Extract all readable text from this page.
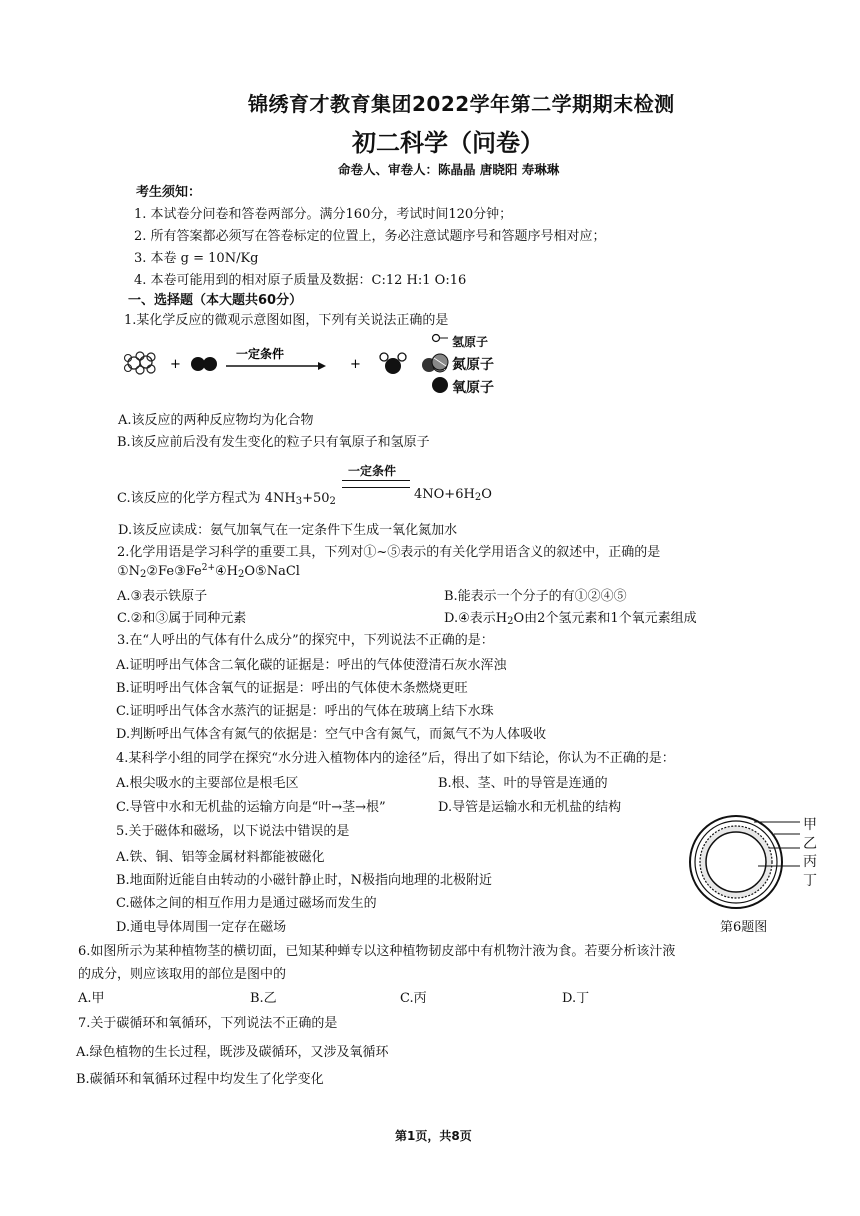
锦绣育才教育集团2022学年第二学期期末检测
初二科学（问卷）
命卷人、审卷人：陈晶晶 唐晓阳 寿琳琳
考生须知：
1. 本试卷分问卷和答卷两部分。满分160分，考试时间120分钟；
2. 所有答案都必须写在答卷标定的位置上，务必注意试题序号和答题序号相对应；
3. 本卷 g = 10N/Kg
4. 本卷可能用到的相对原子质量及数据：C:12 H:1 O:16
一、选择题（本大题共60分）
1.某化学反应的微观示意图如图，下列有关说法正确的是
+
一定条件
+
氢原子
氮原子
氧原子
A.该反应的两种反应物均为化合物
B.该反应前后没有发生变化的粒子只有氧原子和氢原子
一定条件
C.该反应的化学方程式为 $4NH_3+50_2$	$4NO+6H_2O$
D.该反应读成：氨气加氧气在一定条件下生成一氧化氮加水
2.化学用语是学习科学的重要工具，下列对①~⑤表示的有关化学用语含义的叙述中，正确的是
$①N_2②Fe③Fe^{2+}④H_2O⑤NaCl$
A.③表示铁原子	B.能表示一个分子的有①②④⑤
C.②和③属于同种元素	D.④表示$H_2O$由2个氢元素和1个氧元素组成
3.在“人呼出的气体有什么成分”的探究中，下列说法不正确的是：
A.证明呼出气体含二氧化碳的证据是：呼出的气体使澄清石灰水浑浊
B.证明呼出气体含氧气的证据是：呼出的气体使木条燃烧更旺
C.证明呼出气体含水蒸汽的证据是：呼出的气体在玻璃上结下水珠
D.判断呼出气体含有氮气的依据是：空气中含有氮气，而氮气不为人体吸收
4.某科学小组的同学在探究“水分进入植物体内的途径”后，得出了如下结论，你认为不正确的是：
A.根尖吸水的主要部位是根毛区	B.根、茎、叶的导管是连通的
C.导管中水和无机盐的运输方向是“叶→茎→根”	D.导管是运输水和无机盐的结构
5.关于磁体和磁场，以下说法中错误的是
A.铁、铜、铝等金属材料都能被磁化
B.地面附近能自由转动的小磁针静止时，N极指向地理的北极附近
C.磁体之间的相互作用力是通过磁场而发生的
D.通电导体周围一定存在磁场
甲
乙
丙
丁
第6题图
6.如图所示为某种植物茎的横切面，已知某种蝉专以这种植物韧皮部中有机物汁液为食。若要分析该汁液
的成分，则应该取用的部位是图中的
A.甲	B.乙	C.丙	D.丁
7.关于碳循环和氧循环，下列说法不正确的是
A.绿色植物的生长过程，既涉及碳循环，又涉及氧循环
B.碳循环和氧循环过程中均发生了化学变化
第1页，共8页
